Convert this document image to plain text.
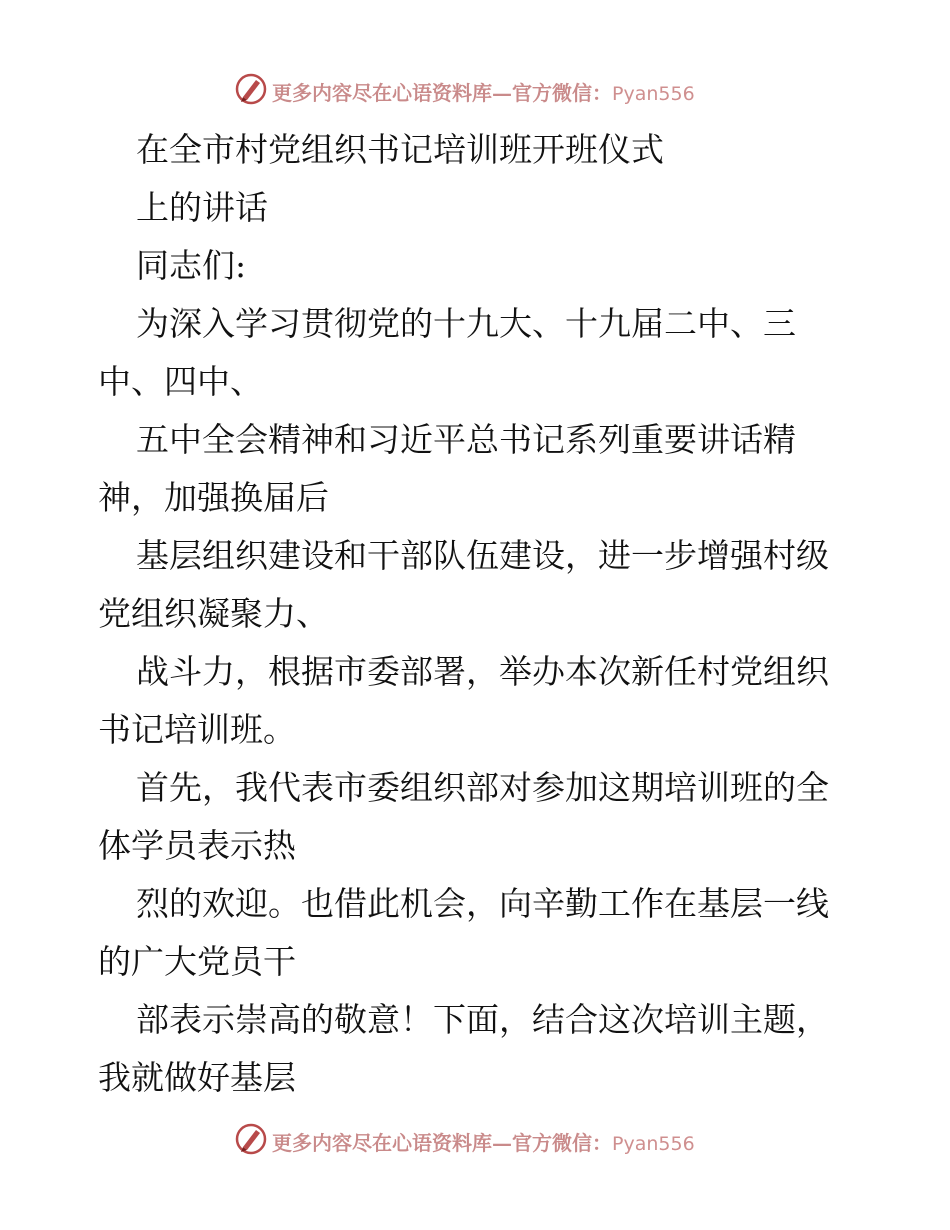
更多内容尽在心语资料库—官方微信：Pyan556
在全市村党组织书记培训班开班仪式
上的讲话
同志们:
为深入学习贯彻党的十九大、十九届二中、三
中、四中、
五中全会精神和习近平总书记系列重要讲话精
神，加强换届后
基层组织建设和干部队伍建设，进一步增强村级
党组织凝聚力、
战斗力，根据市委部署，举办本次新任村党组织
书记培训班。
首先，我代表市委组织部对参加这期培训班的全
体学员表示热
烈的欢迎。也借此机会，向辛勤工作在基层一线
的广大党员干
部表示崇高的敬意！下面，结合这次培训主题，
我就做好基层
更多内容尽在心语资料库—官方微信：Pyan556
